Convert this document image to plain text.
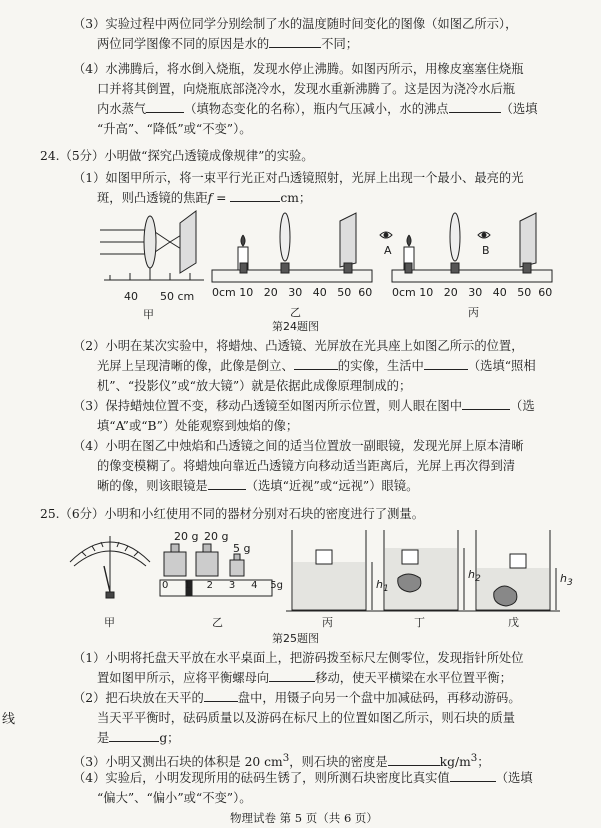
（3）实验过程中两位同学分别绘制了水的温度随时间变化的图像（如图乙所示），
两位同学图像不同的原因是水的	不同；
（4）水沸腾后，将水倒入烧瓶，发现水停止沸腾。如图丙所示，用橡皮塞塞住烧瓶
口并将其倒置，向烧瓶底部浇冷水，发现水重新沸腾了。这是因为浇冷水后瓶
内水蒸气	（填物态变化的名称），瓶内气压减小，水的沸点	（选填
“升高”、“降低”或“不变”）。
24.（5分）小明做“探究凸透镜成像规律”的实验。
（1）如图甲所示，将一束平行光正对凸透镜照射，光屏上出现一个最小、最亮的光
斑，则凸透镜的焦距f =	cm；
40 50 cm
甲
A	B
0cm 10 20 30 40 50 60	0cm 10 20 30 40 50 60
乙	丙
第24题图
（2）小明在某次实验中，将蜡烛、凸透镜、光屏放在光具座上如图乙所示的位置，
光屏上呈现清晰的像，此像是倒立、	的实像，生活中	（选填“照相
机”、“投影仪”或“放大镜”）就是依据此成像原理制成的；
（3）保持蜡烛位置不变，移动凸透镜至如图丙所示位置，则人眼在图中	（选
填“A”或“B”）处能观察到烛焰的像；
（4）小明在图乙中烛焰和凸透镜之间的适当位置放一副眼镜，发现光屏上原本清晰
的像变模糊了。将蜡烛向靠近凸透镜方向移动适当距离后，光屏上再次得到清
晰的像，则该眼镜是	（选填“近视”或“远视”）眼镜。
25.（6分）小明和小红使用不同的器材分别对石块的密度进行了测量。
20 g 20 g
5 g
0 1 2 3 4 5g	$h_1$
$h_2$	$h_3$
甲	乙	丙	丁	戊
第25题图
（1）小明将托盘天平放在水平桌面上，把游码拨至标尺左侧零位，发现指针所处位
置如图甲所示，应将平衡螺母向	移动，使天平横梁在水平位置平衡；
（2）把石块放在天平的	盘中，用镊子向另一个盘中加减砝码，再移动游码。
当天平平衡时，砝码质量以及游码在标尺上的位置如图乙所示，则石块的质量
是	g；
（3）小明又测出石块的体积是 20 $cm^3$，则石块的密度是	$kg/m^3$；
（4）实验后，小明发现所用的砝码生锈了，则所测石块密度比真实值	（选填
“偏大”、“偏小”或“不变”）。
物理试卷 第 5 页（共 6 页）
线
